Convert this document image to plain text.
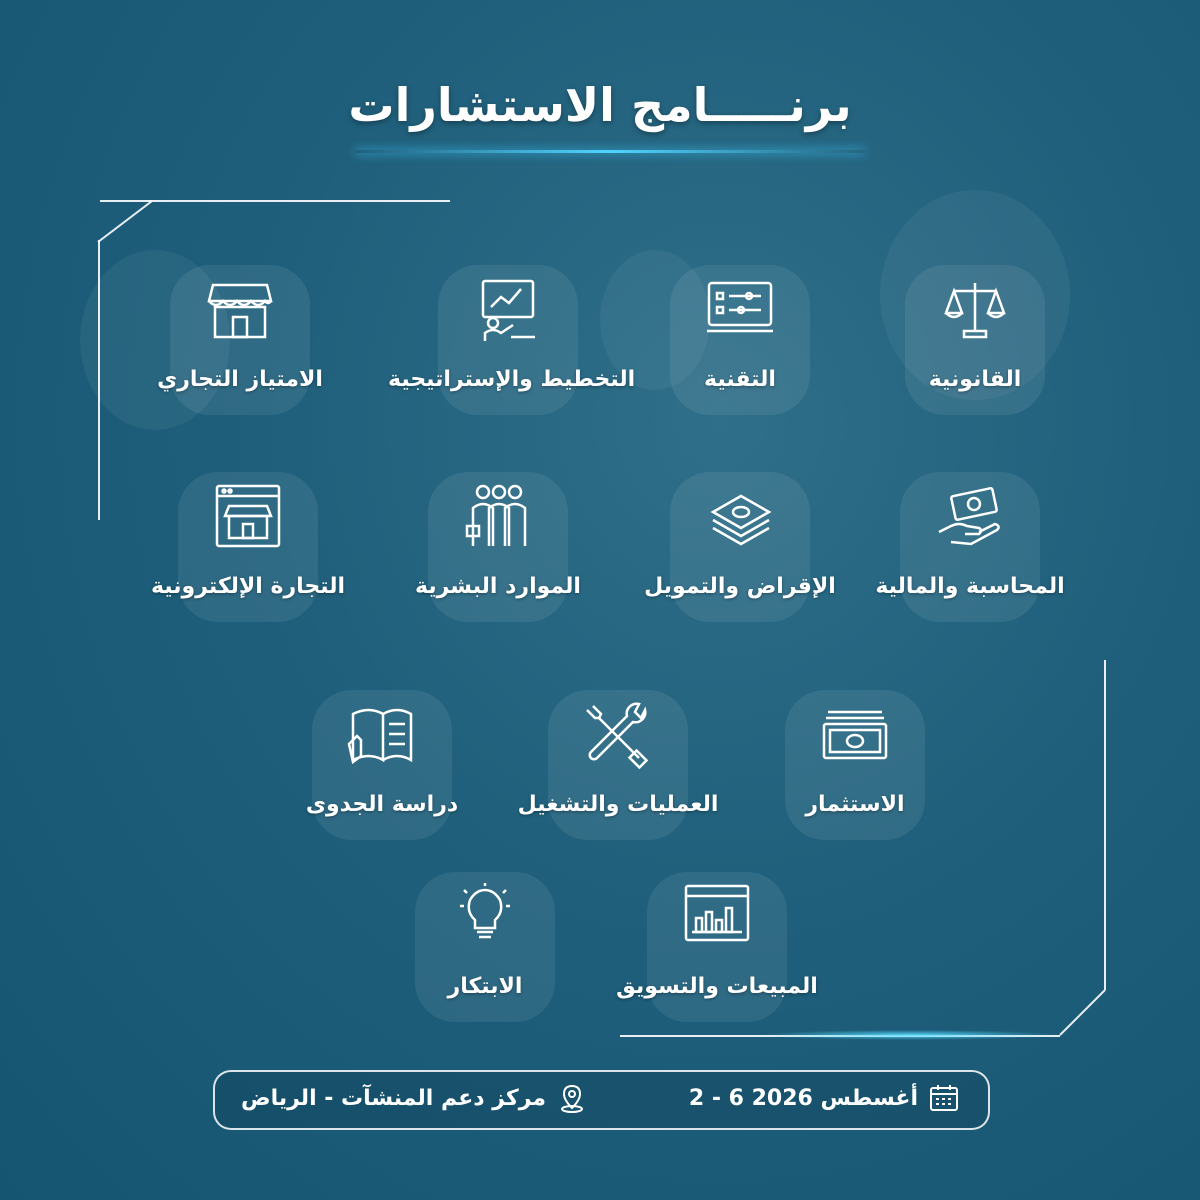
برنـــــامج الاستشارات
القانونية
التقنية
التخطيط والإستراتيجية
الامتياز التجاري
المحاسبة والمالية
الإقراض والتمويل
الموارد البشرية
التجارة الإلكترونية
الاستثمار
العمليات والتشغيل
دراسة الجدوى
المبيعات والتسويق
الابتكار
مركز دعم المنشآت - الرياض	2 - 6 أغسطس 2026
